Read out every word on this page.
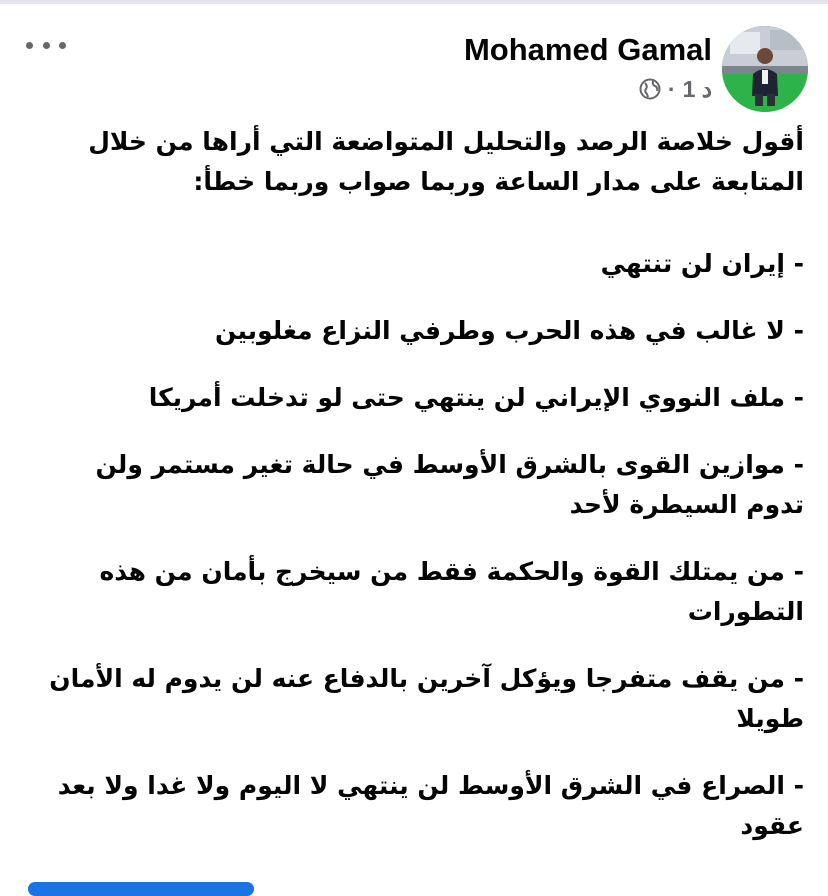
Mohamed Gamal
1 د
·

أقول خلاصة الرصد والتحليل المتواضعة التي أراها من خلال المتابعة على مدار الساعة وربما صواب وربما خطأ:

- إيران لن تنتهي

- لا غالب في هذه الحرب وطرفي النزاع مغلوبين

- ملف النووي الإيراني لن ينتهي حتى لو تدخلت أمريكا

- موازين القوى بالشرق الأوسط في حالة تغير مستمر ولن تدوم السيطرة لأحد

- من يمتلك القوة والحكمة فقط من سيخرج بأمان من هذه التطورات

- من يقف متفرجا ويؤكل آخرين بالدفاع عنه لن يدوم له الأمان طويلا

- الصراع في الشرق الأوسط لن ينتهي لا اليوم ولا غدا ولا بعد عقود
